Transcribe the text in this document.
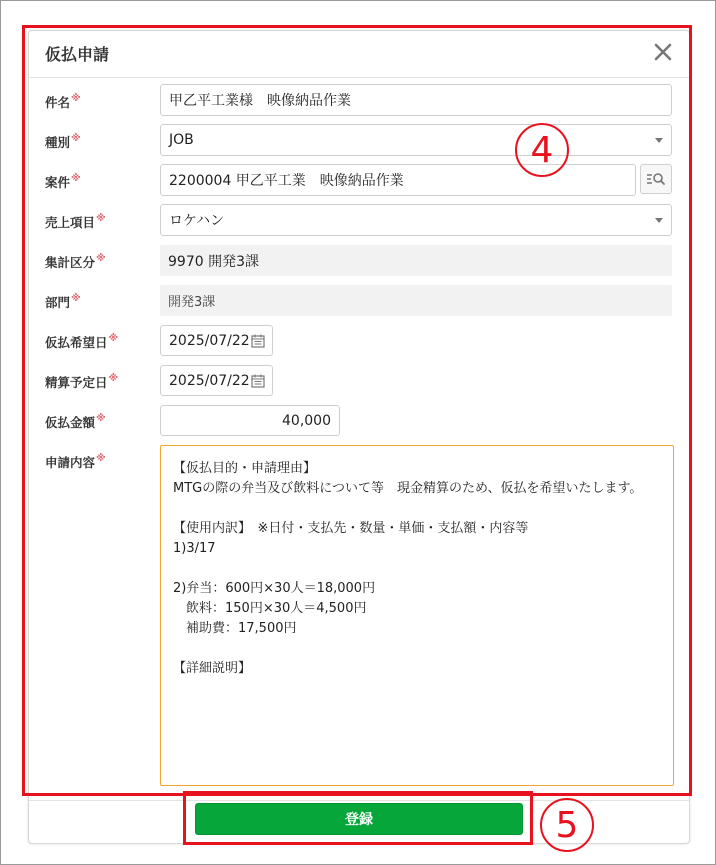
仮払申請
件名※	甲乙平工業様　映像納品作業
種別※	JOB
案件※	2200004 甲乙平工業　映像納品作業
売上項目※	ロケハン
集計区分※	9970 開発3課
部門※	開発3課
仮払希望日※	2025/07/22
精算予定日※	2025/07/22
仮払金額※	40,000
申請内容※
【仮払目的・申請理由】
MTGの際の弁当及び飲料について等　現金精算のため、仮払を希望いたします。

【使用内訳】　※日付・支払先・数量・単価・支払額・内容等
1)3/17

2)弁当：600円×30人＝18,000円
　飲料：150円×30人＝4,500円
　補助費：17,500円

【詳細説明】
登録
4
5
